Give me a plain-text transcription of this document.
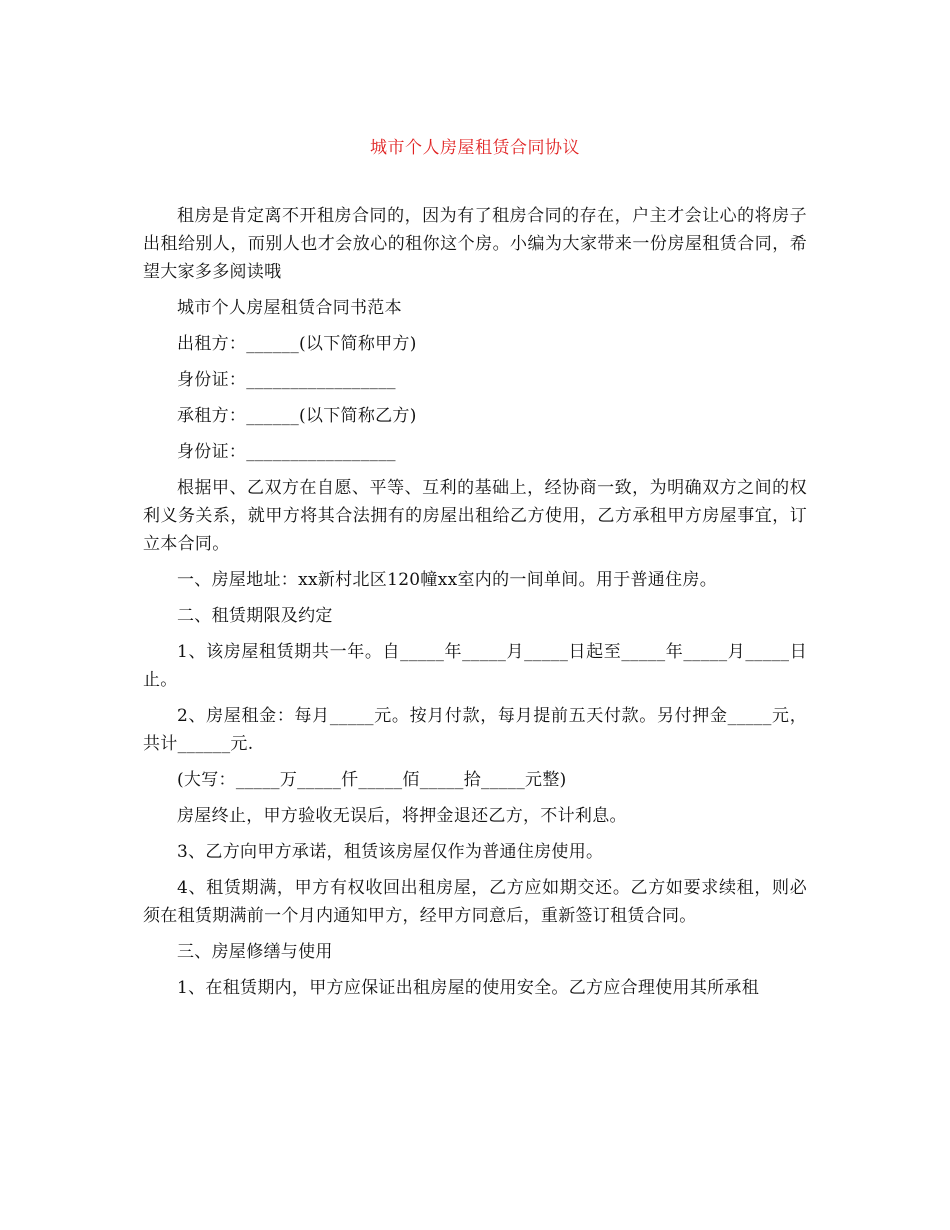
城市个人房屋租赁合同协议

租房是肯定离不开租房合同的，因为有了租房合同的存在，户主才会让心的将房子出租给别人，而别人也才会放心的租你这个房。小编为大家带来一份房屋租赁合同，希望大家多多阅读哦

城市个人房屋租赁合同书范本

出租方：______(以下简称甲方)

身份证：_________________

承租方：______(以下简称乙方)

身份证：_________________

根据甲、乙双方在自愿、平等、互利的基础上，经协商一致，为明确双方之间的权利义务关系，就甲方将其合法拥有的房屋出租给乙方使用，乙方承租甲方房屋事宜，订立本合同。

一、房屋地址：xx新村北区120幢xx室内的一间单间。用于普通住房。

二、租赁期限及约定

1、该房屋租赁期共一年。自_____年_____月_____日起至_____年_____月_____日止。

2、房屋租金：每月_____元。按月付款，每月提前五天付款。另付押金_____元，共计______元.

(大写：_____万_____仟_____佰_____拾_____元整)

房屋终止，甲方验收无误后，将押金退还乙方，不计利息。

3、乙方向甲方承诺，租赁该房屋仅作为普通住房使用。

4、租赁期满，甲方有权收回出租房屋，乙方应如期交还。乙方如要求续租，则必须在租赁期满前一个月内通知甲方，经甲方同意后，重新签订租赁合同。

三、房屋修缮与使用

1、在租赁期内，甲方应保证出租房屋的使用安全。乙方应合理使用其所承租
